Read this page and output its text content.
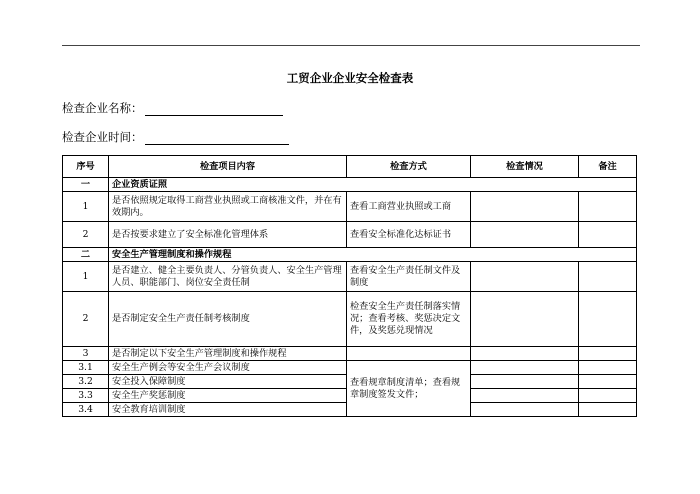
工贸企业企业安全检查表
检查企业名称：
检查企业时间：
序号	检查项目内容	检查方式	检查情况	备注
一	企业资质证照			
1	是否依照规定取得工商营业执照或工商核准文件，并在有效期内。	查看工商营业执照或工商		
2	是否按要求建立了安全标准化管理体系	查看安全标准化达标证书		
二	安全生产管理制度和操作规程			
1	是否建立、健全主要负责人、分管负责人、安全生产管理人员、职能部门、岗位安全责任制	查看安全生产责任制文件及制度		
2	是否制定安全生产责任制考核制度	检查安全生产责任制落实情况；查看考核、奖惩决定文件，及奖惩兑现情况		
3	是否制定以下安全生产管理制度和操作规程			
3.1	安全生产例会等安全生产会议制度	查看规章制度清单；查看规章制度签发文件；	

3.2	安全投入保障制度			
3.3	安全生产奖惩制度			
3.4	安全教育培训制度			
